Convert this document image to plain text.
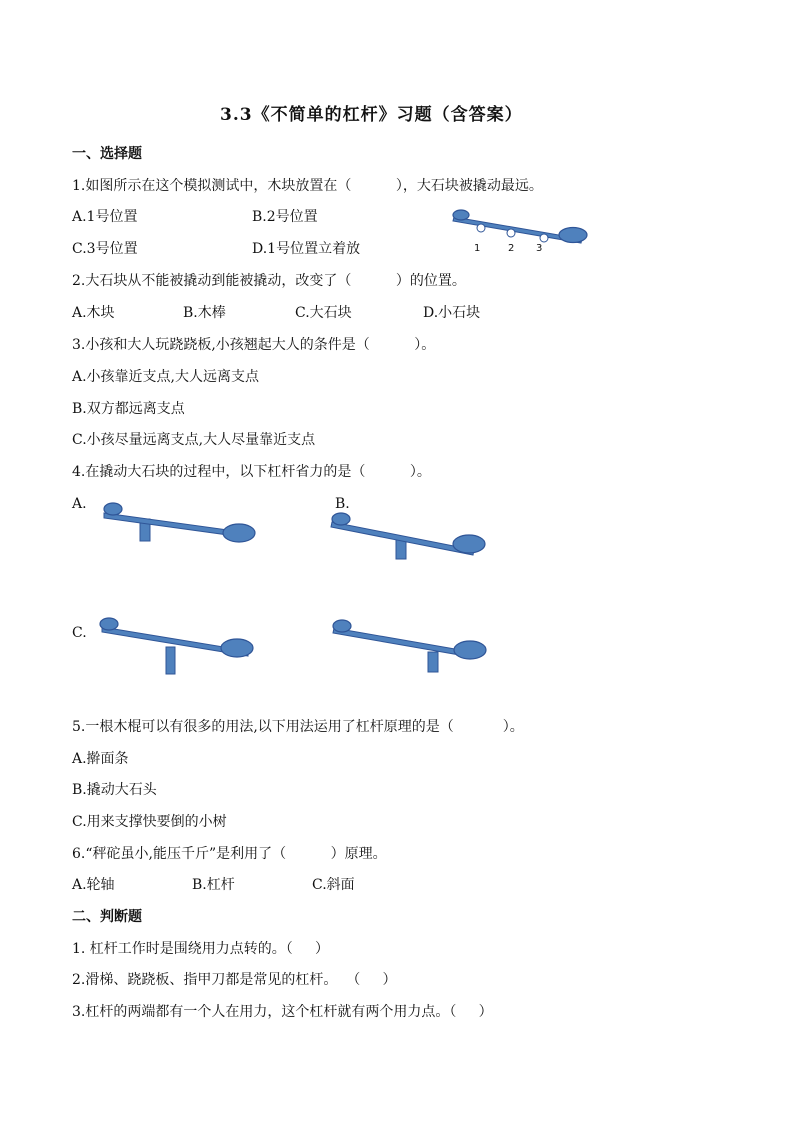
3.3《不简单的杠杆》习题（含答案）
一、选择题
1.如图所示在这个模拟测试中，木块放置在（          ），大石块被撬动最远。
A.1号位置	B.2号位置
C.3号位置	D.1号位置立着放	1	2 3
2.大石块从不能被撬动到能被撬动，改变了（          ）的位置。
A.木块	B.木棒	C.大石块	D.小石块
3.小孩和大人玩跷跷板,小孩翘起大人的条件是（          ）。
A.小孩靠近支点,大人远离支点
B.双方都远离支点
C.小孩尽量远离支点,大人尽量靠近支点
4.在撬动大石块的过程中，以下杠杆省力的是（          ）。
A.	B.
C.
5.一根木棍可以有很多的用法,以下用法运用了杠杆原理的是（           ）。
A.擀面条
B.撬动大石头
C.用来支撑快要倒的小树
6.“秤砣虽小,能压千斤”是利用了（          ）原理。
A.轮轴	B.杠杆	C.斜面
二、判断题
1. 杠杆工作时是围绕用力点转的。（     ）
2.滑梯、跷跷板、指甲刀都是常见的杠杆。  （     ）
3.杠杆的两端都有一个人在用力，这个杠杆就有两个用力点。（     ）
